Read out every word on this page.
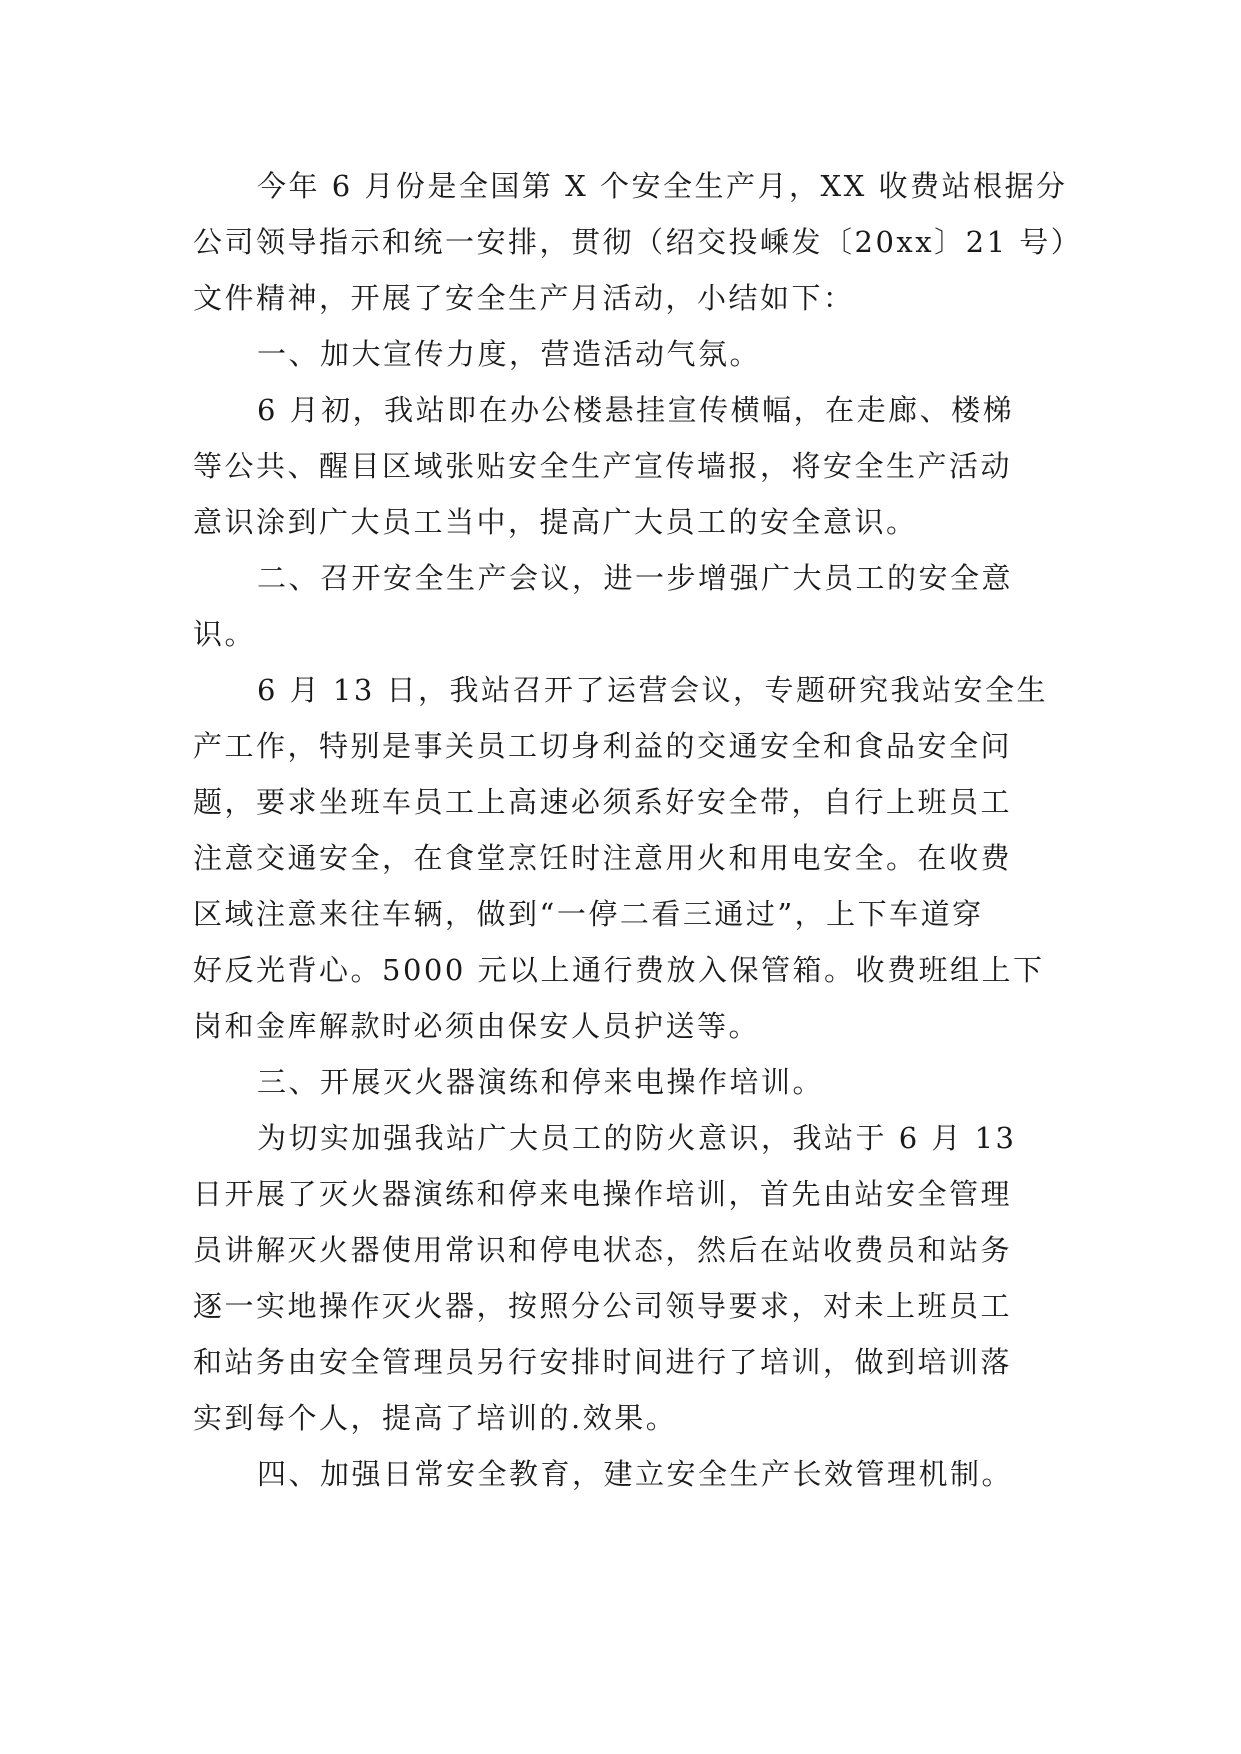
今年 6 月份是全国第 X 个安全生产月，XX 收费站根据分
公司领导指示和统一安排，贯彻（绍交投嵊发〔20xx〕21 号）
文件精神，开展了安全生产月活动，小结如下：
一、加大宣传力度，营造活动气氛。
6 月初，我站即在办公楼悬挂宣传横幅，在走廊、楼梯
等公共、醒目区域张贴安全生产宣传墙报，将安全生产活动
意识涂到广大员工当中，提高广大员工的安全意识。
二、召开安全生产会议，进一步增强广大员工的安全意
识。
6 月 13 日，我站召开了运营会议，专题研究我站安全生
产工作，特别是事关员工切身利益的交通安全和食品安全问
题，要求坐班车员工上高速必须系好安全带，自行上班员工
注意交通安全，在食堂烹饪时注意用火和用电安全。在收费
区域注意来往车辆，做到“一停二看三通过”，上下车道穿
好反光背心。5000 元以上通行费放入保管箱。收费班组上下
岗和金库解款时必须由保安人员护送等。
三、开展灭火器演练和停来电操作培训。
为切实加强我站广大员工的防火意识，我站于 6 月 13
日开展了灭火器演练和停来电操作培训，首先由站安全管理
员讲解灭火器使用常识和停电状态，然后在站收费员和站务
逐一实地操作灭火器，按照分公司领导要求，对未上班员工
和站务由安全管理员另行安排时间进行了培训，做到培训落
实到每个人，提高了培训的.效果。
四、加强日常安全教育，建立安全生产长效管理机制。
